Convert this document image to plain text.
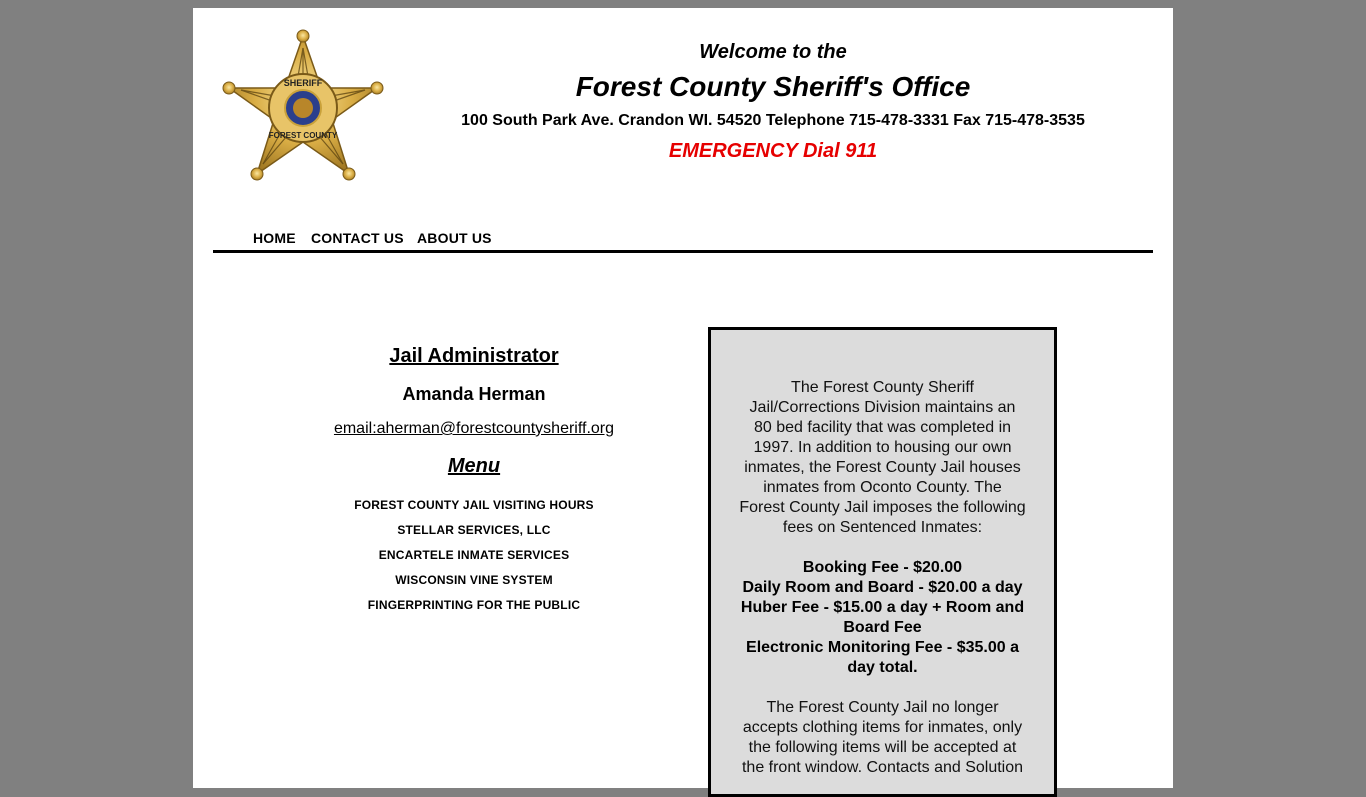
SHERIFF
FOREST COUNTY

Welcome to the

Forest County Sheriff's Office

100 South Park Ave. Crandon WI. 54520 Telephone 715-478-3331 Fax 715-478-3535

EMERGENCY Dial 911

HOME CONTACT US ABOUT US

Jail Administrator

Amanda Herman

email:aherman@forestcountysheriff.org

Menu

FOREST COUNTY JAIL VISITING HOURS
STELLAR SERVICES, LLC
ENCARTELE INMATE SERVICES
WISCONSIN VINE SYSTEM
FINGERPRINTING FOR THE PUBLIC

The Forest County Sheriff Jail/Corrections Division maintains an 80 bed facility that was completed in 1997. In addition to housing our own inmates, the Forest County Jail houses inmates from Oconto County. The Forest County Jail imposes the following fees on Sentenced Inmates:

Booking Fee - $20.00
Daily Room and Board - $20.00 a day
Huber Fee - $15.00 a day + Room and Board Fee
Electronic Monitoring Fee - $35.00 a day total.

The Forest County Jail no longer accepts clothing items for inmates, only the following items will be accepted at the front window. Contacts and Solution
